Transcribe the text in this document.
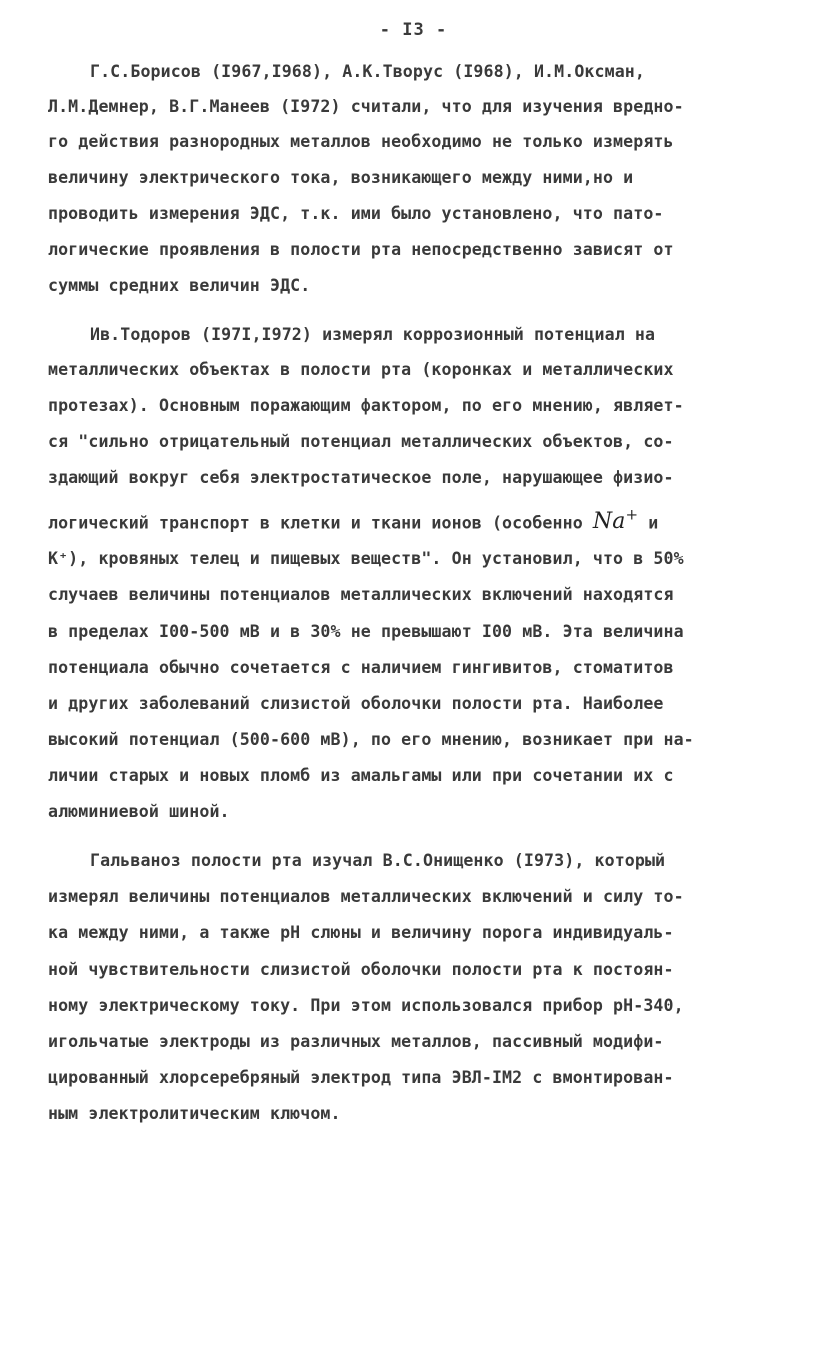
- I3 -
Г.С.Борисов (I967,I968), А.К.Творус (I968), И.М.Оксман,
Л.М.Демнер, В.Г.Манеев (I972) считали, что для изучения вредно-
го действия разнородных металлов необходимо не только измерять
величину электрического тока, возникающего между ними,но и
проводить измерения ЭДС, т.к. ими было установлено, что пато-
логические проявления в полости рта непосредственно зависят от
суммы средних величин ЭДС.
Ив.Тодоров (I97I,I972) измерял коррозионный потенциал на
металлических объектах в полости рта (коронках и металлических
протезах). Основным поражающим фактором, по его мнению, являет-
ся "сильно отрицательный потенциал металлических объектов, со-
здающий вокруг себя электростатическое поле, нарушающее физио-
логический транспорт в клетки и ткани ионов (особенно Na+ и
К⁺), кровяных телец и пищевых веществ". Он установил, что в 50%
случаев величины потенциалов металлических включений находятся
в пределах I00-500 мВ и в 30% не превышают I00 мВ. Эта величина
потенциала обычно сочетается с наличием гингивитов, стоматитов
и других заболеваний слизистой оболочки полости рта. Наиболее
высокий потенциал (500-600 мВ), по его мнению, возникает при на-
личии старых и новых пломб из амальгамы или при сочетании их с
алюминиевой шиной.
Гальваноз полости рта изучал В.С.Онищенко (I973), который
измерял величины потенциалов металлических включений и силу то-
ка между ними, а также рН слюны и величину порога индивидуаль-
ной чувствительности слизистой оболочки полости рта к постоян-
ному электрическому току. При этом использовался прибор рН-340,
игольчатые электроды из различных металлов, пассивный модифи-
цированный хлорсеребряный электрод типа ЭВЛ-IМ2 с вмонтирован-
ным электролитическим ключом.
